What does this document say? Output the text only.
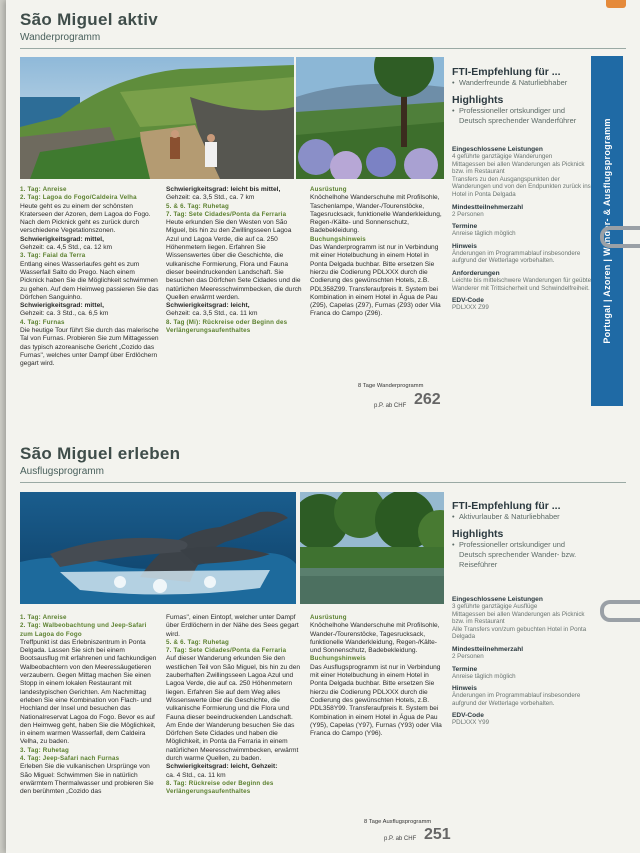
São Miguel aktiv
Wanderprogramm

1. Tag: Anreise

2. Tag: Lagoa do Fogo/Caldeira Velha

Heute geht es zu einem der schönsten Kraterseen der Azoren, dem Lagoa do Fogo. Nach dem Picknick geht es zurück durch verschiedene Vegetationszonen.

Schwierigkeitsgrad: mittel,

Gehzeit: ca. 4,5 Std., ca. 12 km

3. Tag: Faial da Terra

Entlang eines Wasserlaufes geht es zum Wasserfall Salto do Prego. Nach einem Picknick haben Sie die Möglichkeit schwimmen zu gehen. Auf dem Heimweg passieren Sie das Dörfchen Sanguinho.

Schwierigkeitsgrad: mittel,

Gehzeit: ca. 3 Std., ca. 6,5 km

4. Tag: Furnas

Die heutige Tour führt Sie durch das malerische Tal von Furnas. Probieren Sie zum Mittagessen das typisch azoreanische Gericht „Cozido das Furnas", welches unter Dampf über Erdlöchern gegart wird.

Schwierigkeitsgrad: leicht bis mittel,

Gehzeit: ca. 3,5 Std., ca. 7 km

5. & 6. Tag: Ruhetag

7. Tag: Sete Cidades/Ponta da Ferraria

Heute erkunden Sie den Westen von São Miguel, bis hin zu den Zwillingsseen Lagoa Azul und Lagoa Verde, die auf ca. 250 Höhenmetern liegen. Erfahren Sie Wissenswertes über die Geschichte, die vulkanische Formierung, Flora und Fauna dieser beeindruckenden Landschaft. Sie besuchen das Dörfchen Sete Cidades und die natürlichen Meeresschwimmbecken, die durch Quellen erwärmt werden.

Schwierigkeitsgrad: leicht,

Gehzeit: ca. 3,5 Std., ca. 11 km

8. Tag (Mi): Rückreise oder Beginn des Verlängerungsaufenthaltes

Ausrüstung

Knöchelhohe Wanderschuhe mit Profilsohle, Taschenlampe, Wander-/Tourenstöcke, Tagesrucksack, funktionelle Wanderkleidung, Regen-/Kälte- und Sonnenschutz, Badebekleidung.

Buchungshinweis

Das Wanderprogramm ist nur in Verbindung mit einer Hotelbuchung in einem Hotel in Ponta Delgada buchbar. Bitte ersetzen Sie hierzu die Codierung PDLXXX durch die Codierung des gewünschten Hotels, z.B. PDL358Z99. Transferaufpreis lt. System bei Kombination in einem Hotel in Água de Pau (Z95), Capelas (Z97), Furnas (Z93) oder Vila Franca do Campo (Z96).

8 Tage Wanderprogramm
p.P. ab CHF 262
FTI-Empfehlung für ...
• Wanderfreunde & Naturliebhaber
Highlights
• Professioneller ortskundiger und Deutsch sprechender Wanderführer
Eingeschlossene Leistungen
4 geführte ganztägige Wanderungen
Mittagessen bei allen Wanderungen als Picknick bzw. im Restaurant
Transfers zu den Ausgangspunkten der Wanderungen und von den Endpunkten zurück ins Hotel in Ponta Delgada
Mindestteilnehmerzahl
2 Personen
Termine
Anreise täglich möglich
Hinweis
Änderungen im Programmablauf insbesondere aufgrund der Wetterlage vorbehalten.
Anforderungen
Leichte bis mittelschwere Wanderungen für geübte Wanderer mit Trittsicherheit und Schwindelfreiheit.
EDV-Code
PDLXXX Z99	Portugal | Azoren | Wander- & Ausflugsprogramm
São Miguel erleben
Ausflugsprogramm

1. Tag: Anreise

2. Tag: Walbeobachtung und Jeep-Safari zum Lagoa do Fogo

Treffpunkt ist das Erlebniszentrum in Ponta Delgada. Lassen Sie sich bei einem Bootsausflug mit erfahrenen und fachkundigen Walbeobachtern von den Meeressäugetieren verzaubern. Gegen Mittag machen Sie einen Stopp in einem lokalen Restaurant mit landestypischen Gerichten. Am Nachmittag erleben Sie eine Kombination von Flach- und Hochland der Insel und besuchen das Nationalreservat Lagoa do Fogo. Bevor es auf den Heimweg geht, haben Sie die Möglichkeit, in einem warmen Wasserfall, dem Caldeira Velha, zu baden.

3. Tag: Ruhetag

4. Tag: Jeep-Safari nach Furnas

Erleben Sie die vulkanischen Ursprünge von São Miguel: Schwimmen Sie in natürlich erwärmtem Thermalwasser und probieren Sie den berühmten „Cozido das

Furnas", einen Eintopf, welcher unter Dampf über Erdlöchern in der Nähe des Sees gegart wird.

5. & 6. Tag: Ruhetag

7. Tag: Sete Cidades/Ponta da Ferraria

Auf dieser Wanderung erkunden Sie den westlichen Teil von São Miguel, bis hin zu den zauberhaften Zwillingsseen Lagoa Azul und Lagoa Verde, die auf ca. 250 Höhenmetern liegen. Erfahren Sie auf dem Weg alles Wissenswerte über die Geschichte, die vulkanische Formierung und die Flora und Fauna dieser beeindruckenden Landschaft. Am Ende der Wanderung besuchen Sie das Dörfchen Sete Cidades und haben die Möglichkeit, in Ponta da Ferraria in einem natürlichen Meeresschwimmbecken, erwärmt durch warme Quellen, zu baden.

Schwierigkeitsgrad: leicht, Gehzeit:

ca. 4 Std., ca. 11 km

8. Tag: Rückreise oder Beginn des Verlängerungsaufenthaltes

Ausrüstung

Knöchelhohe Wanderschuhe mit Profilsohle, Wander-/Tourenstöcke, Tagesrucksack, funktionelle Wanderkleidung, Regen-/Kälte- und Sonnenschutz, Badebekleidung.

Buchungshinweis

Das Ausflugsprogramm ist nur in Verbindung mit einer Hotelbuchung in einem Hotel in Ponta Delgada buchbar. Bitte ersetzen Sie hierzu die Codierung PDLXXX durch die Codierung des gewünschten Hotels, z.B. PDL358Y99. Transferaufpreis lt. System bei Kombination in einem Hotel in Água de Pau (Y95), Capelas (Y97), Furnas (Y93) oder Vila Franca do Campo (Y96).

8 Tage Ausflugsprogramm
p.P. ab CHF 251
FTI-Empfehlung für ...
• Aktivurlauber & Naturliebhaber
Highlights
• Professioneller ortskundiger und Deutsch sprechender Wander- bzw. Reiseführer
Eingeschlossene Leistungen
3 geführte ganztägige Ausflüge
Mittagessen bei allen Wanderungen als Picknick bzw. im Restaurant
Alle Transfers von/zum gebuchten Hotel in Ponta Delgada
Mindestteilnehmerzahl
2 Personen
Termine
Anreise täglich möglich
Hinweis
Änderungen im Programmablauf insbesondere aufgrund der Wetterlage vorbehalten.
EDV-Code
PDLXXX Y99
